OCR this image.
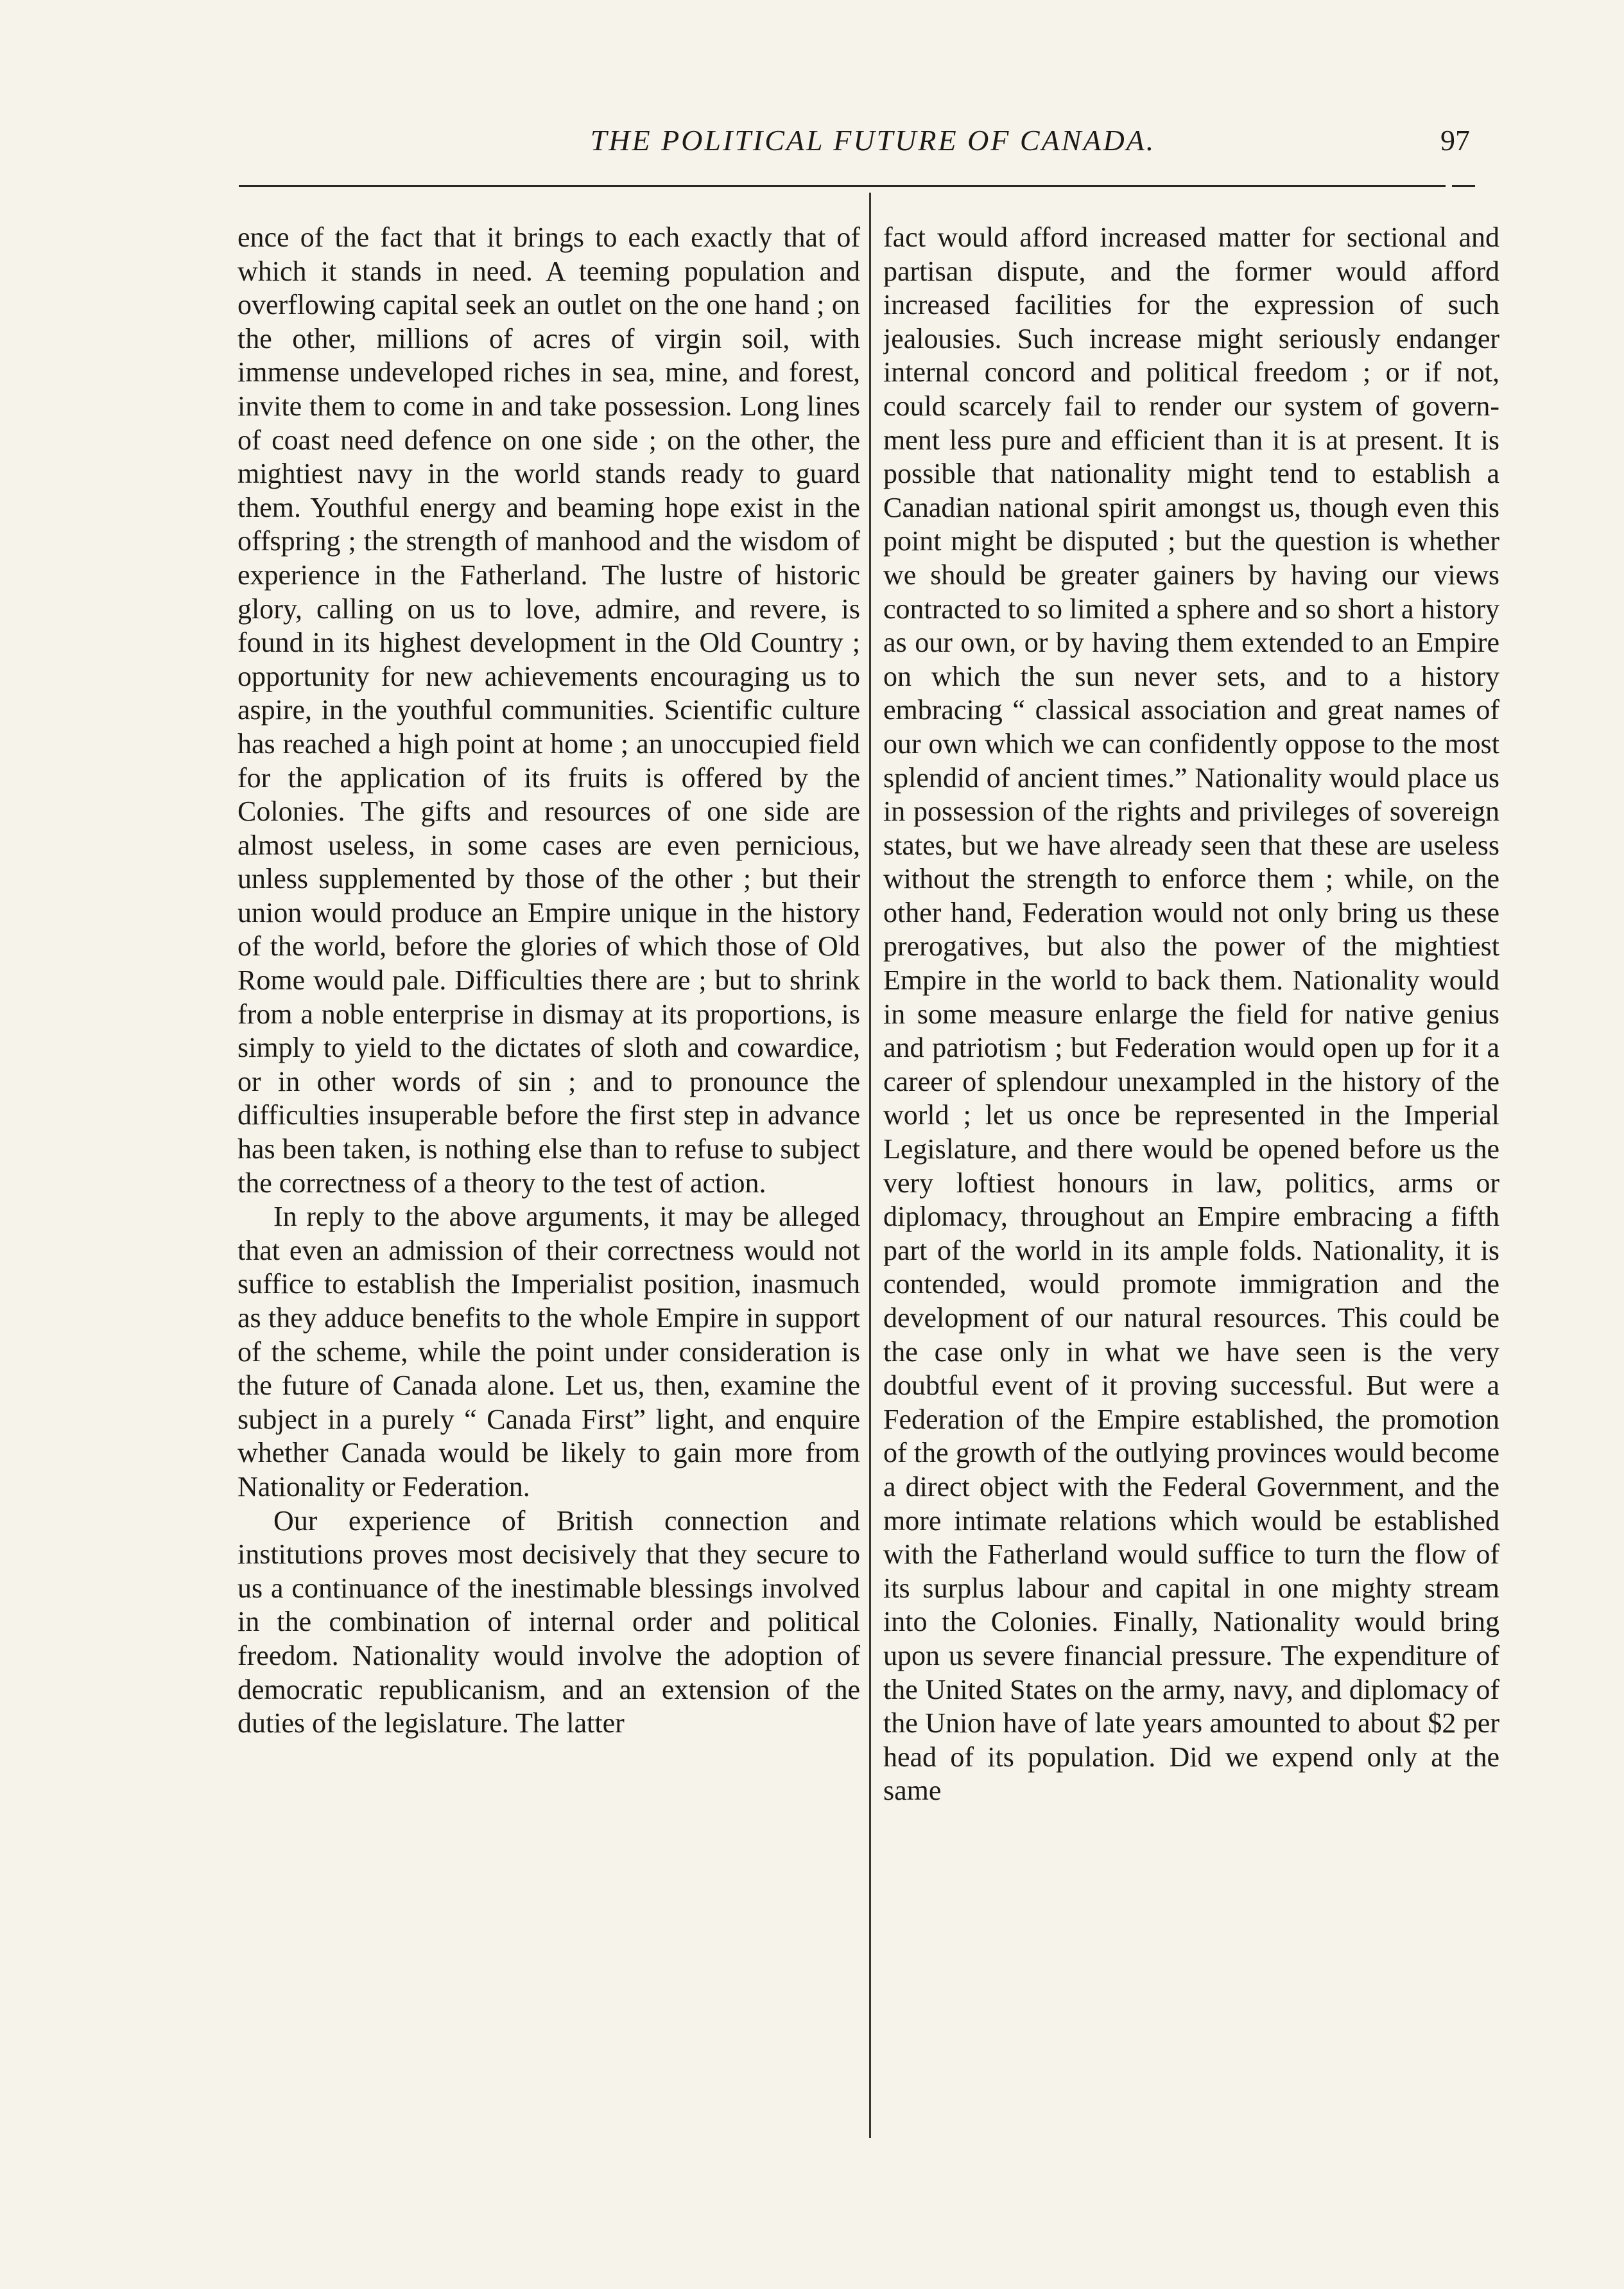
THE POLITICAL FUTURE OF CANADA.	97

ence of the fact that it brings to each exactly that of which it stands in need. A teeming population and overflowing capital seek an outlet on the one hand ; on the other, millions of acres of virgin soil, with immense undeveloped riches in sea, mine, and forest, invite them to come in and take possession. Long lines of coast need defence on one side ; on the other, the mightiest navy in the world stands ready to guard them. Youthful energy and beaming hope exist in the offspring ; the strength of manhood and the wisdom of experience in the Fatherland. The lustre of historic glory, calling on us to love, admire, and revere, is found in its highest development in the Old Country ; opportunity for new achievements encouraging us to aspire, in the youthful communities. Scientific culture has reached a high point at home ; an unoccupied field for the application of its fruits is offered by the Colonies. The gifts and resources of one side are almost useless, in some cases are even pernicious, unless supplemented by those of the other ; but their union would produce an Empire unique in the history of the world, before the glories of which those of Old Rome would pale. Difficulties there are ; but to shrink from a noble enterprise in dismay at its proportions, is simply to yield to the dictates of sloth and cowardice, or in other words of sin ; and to pronounce the difficulties insuperable before the first step in advance has been taken, is nothing else than to refuse to subject the correctness of a theory to the test of action.

In reply to the above arguments, it may be alleged that even an admission of their correctness would not suffice to establish the Imperialist position, inasmuch as they adduce benefits to the whole Empire in support of the scheme, while the point under consideration is the future of Canada alone. Let us, then, examine the subject in a purely “ Canada First” light, and enquire whether Canada would be likely to gain more from Nationality or Federation.

Our experience of British connection and institutions proves most decisively that they secure to us a continuance of the inestimable blessings involved in the combination of internal order and political freedom. Nationality would involve the adoption of democratic republicanism, and an extension of the duties of the legislature. The latter

fact would afford increased matter for sectional and partisan dispute, and the former would afford increased facilities for the expression of such jealousies. Such increase might seriously endanger internal concord and political freedom ; or if not, could scarcely fail to render our system of government less pure and efficient than it is at present. It is possible that nationality might tend to establish a Canadian national spirit amongst us, though even this point might be disputed ; but the question is whether we should be greater gainers by having our views contracted to so limited a sphere and so short a history as our own, or by having them extended to an Empire on which the sun never sets, and to a history embracing “ classical association and great names of our own which we can confidently oppose to the most splendid of ancient times.” Nationality would place us in possession of the rights and privileges of sovereign states, but we have already seen that these are useless without the strength to enforce them ; while, on the other hand, Federation would not only bring us these prerogatives, but also the power of the mightiest Empire in the world to back them. Nationality would in some measure enlarge the field for native genius and patriotism ; but Federation would open up for it a career of splendour unexampled in the history of the world ; let us once be represented in the Imperial Legislature, and there would be opened before us the very loftiest honours in law, politics, arms or diplomacy, throughout an Empire embracing a fifth part of the world in its ample folds. Nationality, it is contended, would promote immigration and the development of our natural resources. This could be the case only in what we have seen is the very doubtful event of it proving successful. But were a Federation of the Empire established, the promotion of the growth of the outlying provinces would become a direct object with the Federal Government, and the more intimate relations which would be established with the Fatherland would suffice to turn the flow of its surplus labour and capital in one mighty stream into the Colonies. Finally, Nationality would bring upon us severe financial pressure. The expenditure of the United States on the army, navy, and diplomacy of the Union have of late years amounted to about $2 per head of its population. Did we expend only at the same
